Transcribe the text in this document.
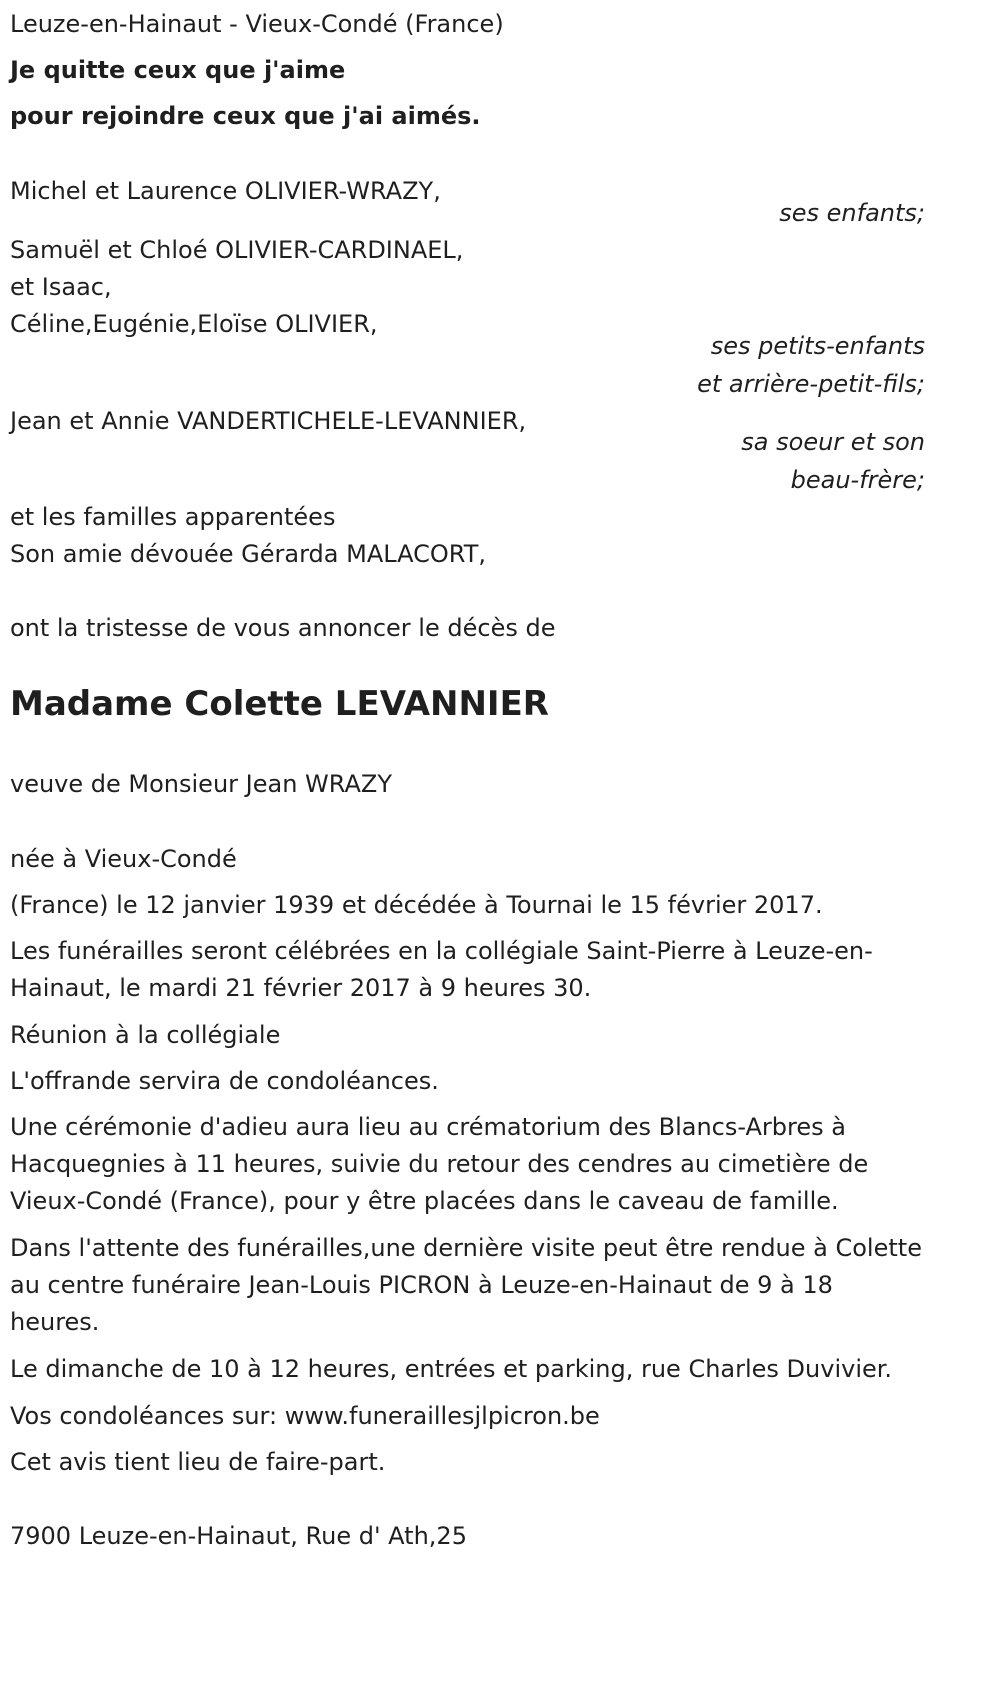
Leuze-en-Hainaut - Vieux-Condé (France)
Je quitte ceux que j'aime
pour rejoindre ceux que j'ai aimés.
Michel et Laurence OLIVIER-WRAZY,
ses enfants;
Samuël et Chloé OLIVIER-CARDINAEL,
et Isaac,
Céline,Eugénie,Eloïse OLIVIER,
ses petits-enfants
et arrière-petit-fils;
Jean et Annie VANDERTICHELE-LEVANNIER,
sa soeur et son
beau-frère;
et les familles apparentées
Son amie dévouée Gérarda MALACORT,
ont la tristesse de vous annoncer le décès de
Madame Colette LEVANNIER
veuve de Monsieur Jean WRAZY
née à Vieux-Condé
(France) le 12 janvier 1939 et décédée à Tournai le 15 février 2017.
Les funérailles seront célébrées en la collégiale Saint-Pierre à Leuze-en-Hainaut, le mardi 21 février 2017 à 9 heures 30.
Réunion à la collégiale
L'offrande servira de condoléances.
Une cérémonie d'adieu aura lieu au crématorium des Blancs-Arbres à Hacquegnies à 11 heures, suivie du retour des cendres au cimetière de Vieux-Condé (France), pour y être placées dans le caveau de famille.
Dans l'attente des funérailles,une dernière visite peut être rendue à Colette au centre funéraire Jean-Louis PICRON à Leuze-en-Hainaut de 9 à 18 heures.
Le dimanche de 10 à 12 heures, entrées et parking, rue Charles Duvivier.
Vos condoléances sur: www.funeraillesjlpicron.be
Cet avis tient lieu de faire-part.
7900 Leuze-en-Hainaut, Rue d' Ath,25
